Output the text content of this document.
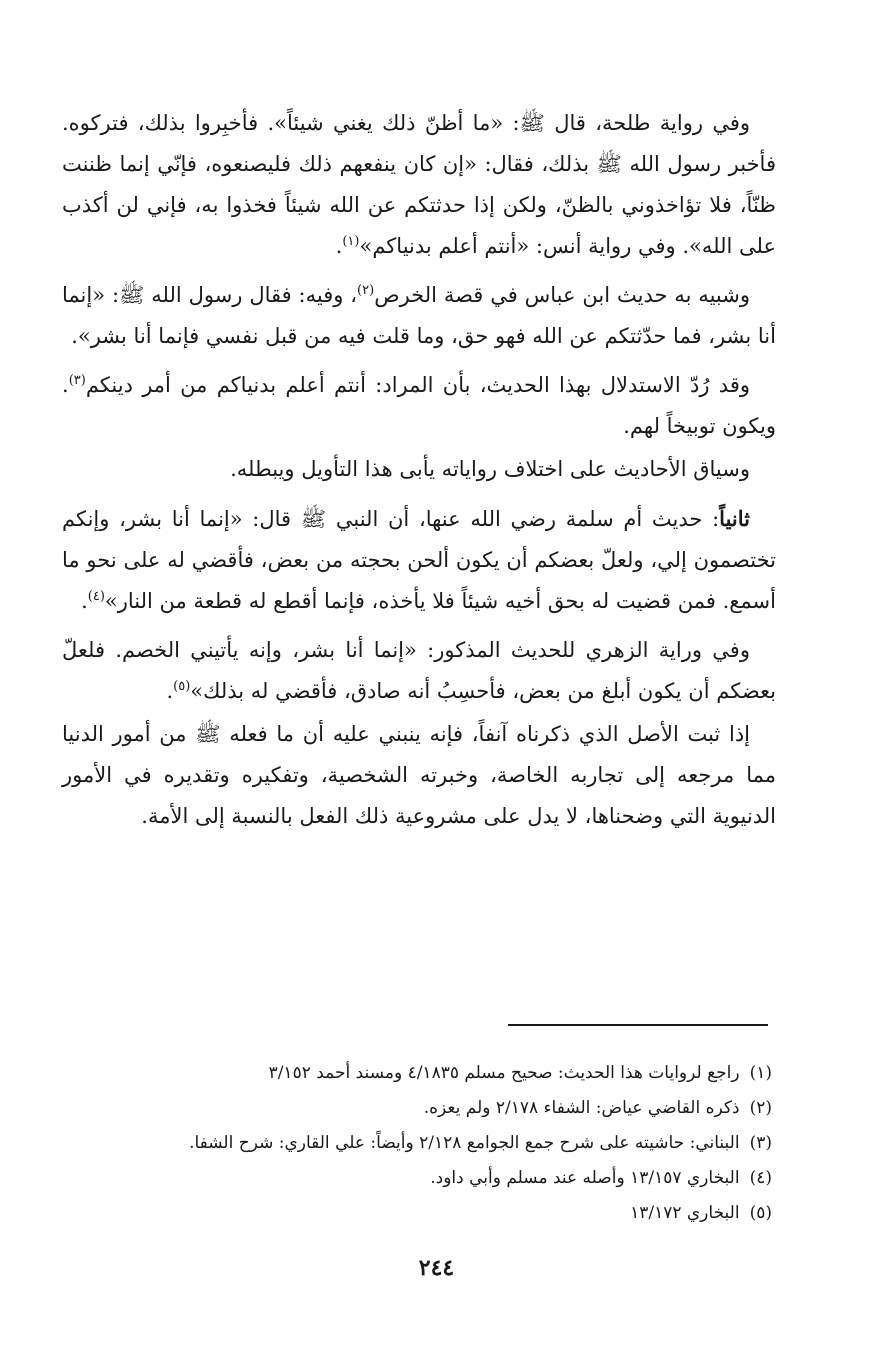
وفي رواية طلحة، قال ﷺ: «ما أظنّ ذلك يغني شيئاً». فأخبِروا بذلك، فتركوه. فأخبر رسول الله ﷺ بذلك، فقال: «إن كان ينفعهم ذلك فليصنعوه، فإنّي إنما ظننت ظنّاً، فلا تؤاخذوني بالظنّ، ولكن إذا حدثتكم عن الله شيئاً فخذوا به، فإني لن أكذب على الله». وفي رواية أنس: «أنتم أعلم بدنياكم»$^{(١)}$.

وشبيه به حديث ابن عباس في قصة الخرص$^{(٢)}$، وفيه: فقال رسول الله ﷺ: «إنما أنا بشر، فما حدّثتكم عن الله فهو حق، وما قلت فيه من قبل نفسي فإنما أنا بشر».

وقد رُدّ الاستدلال بهذا الحديث، بأن المراد: أنتم أعلم بدنياكم من أمر دينكم$^{(٣)}$. ويكون توبيخاً لهم.

وسياق الأحاديث على اختلاف رواياته يأبى هذا التأويل ويبطله.

ثانياً: حديث أم سلمة رضي الله عنها، أن النبي ﷺ قال: «إنما أنا بشر، وإنكم تختصمون إلي، ولعلّ بعضكم أن يكون ألحن بحجته من بعض، فأقضي له على نحو ما أسمع. فمن قضيت له بحق أخيه شيئاً فلا يأخذه، فإنما أقطع له قطعة من النار»$^{(٤)}$.

وفي وراية الزهري للحديث المذكور: «إنما أنا بشر، وإنه يأتيني الخصم. فلعلّ بعضكم أن يكون أبلغ من بعض، فأحسِبُ أنه صادق، فأقضي له بذلك»$^{(٥)}$.

إذا ثبت الأصل الذي ذكرناه آنفاً، فإنه ينبني عليه أن ما فعله ﷺ من أمور الدنيا مما مرجعه إلى تجاربه الخاصة، وخبرته الشخصية، وتفكيره وتقديره في الأمور الدنيوية التي وضحناها، لا يدل على مشروعية ذلك الفعل بالنسبة إلى الأمة.

(١)راجع لروايات هذا الحديث: صحيح مسلم ٤/١٨٣٥ ومسند أحمد ٣/١٥٢
(٢)ذكره القاضي عياض: الشفاء ٢/١٧٨ ولم يعزه.
(٣)البناني: حاشيته على شرح جمع الجوامع ٢/١٢٨ وأيضاً: علي القاري: شرح الشفا.
(٤)البخاري ١٣/١٥٧ وأصله عند مسلم وأبي داود.
(٥)البخاري ١٣/١٧٢
٢٤٤
